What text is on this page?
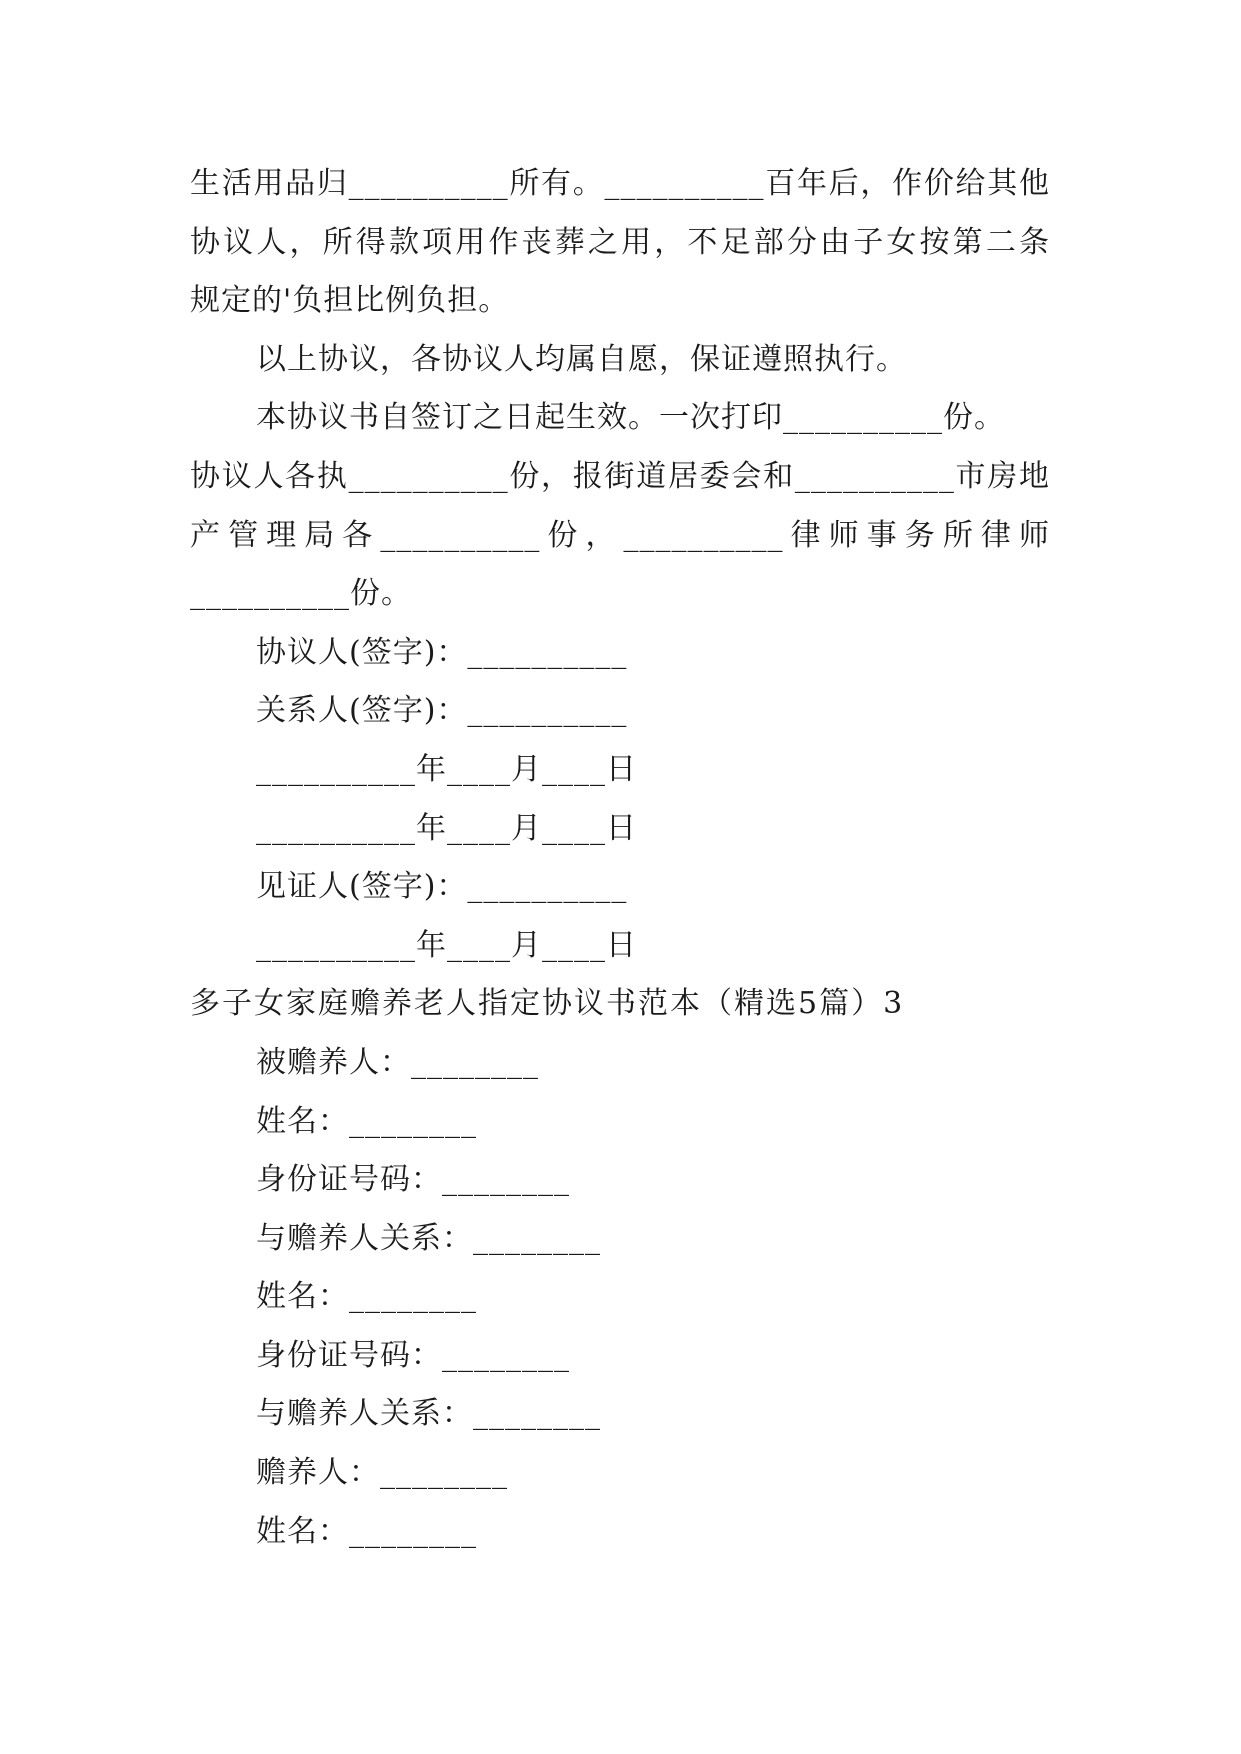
生活用品归__________所有。__________百年后，作价给其他
协议人，所得款项用作丧葬之用，不足部分由子女按第二条
规定的'负担比例负担。
以上协议，各协议人均属自愿，保证遵照执行。
本协议书自签订之日起生效。一次打印__________份。
协议人各执__________份，报街道居委会和__________市房地
产管理局各__________份，__________律师事务所律师
__________份。
协议人(签字)：__________
关系人(签字)：__________
__________年____月____日
__________年____月____日
见证人(签字)：__________
__________年____月____日
多子女家庭赡养老人指定协议书范本（精选5篇）3
被赡养人：________
姓名：________
身份证号码：________
与赡养人关系：________
姓名：________
身份证号码：________
与赡养人关系：________
赡养人：________
姓名：________
